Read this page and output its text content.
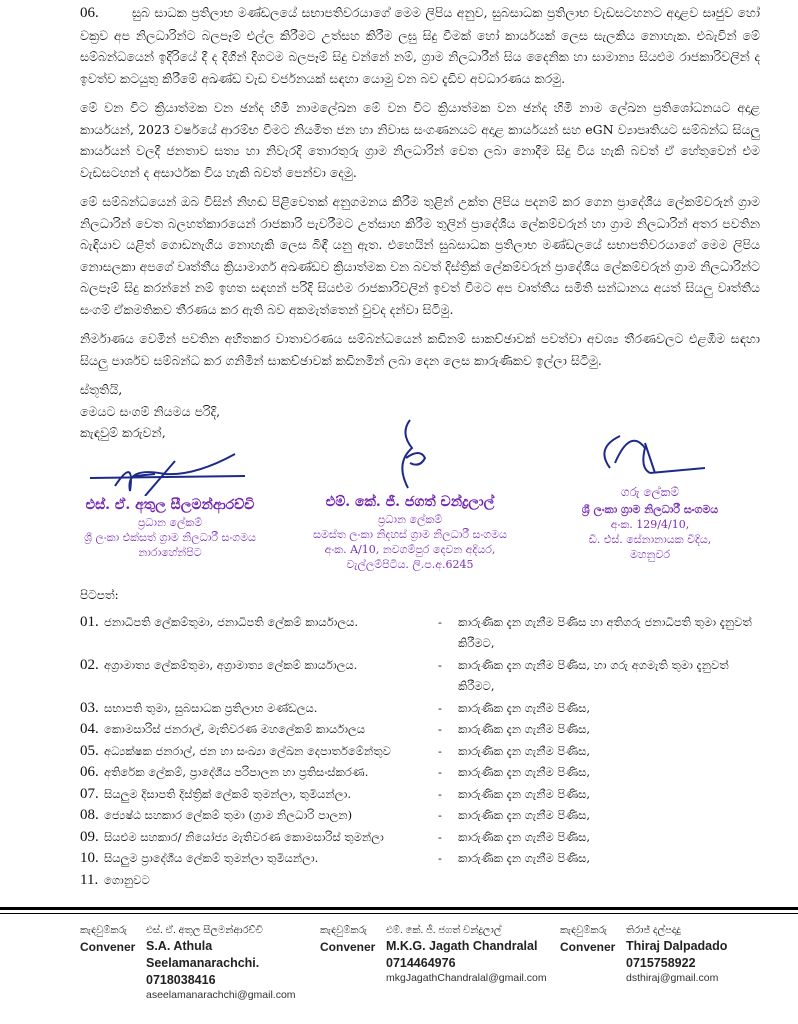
06.	සුබ සාධක ප්‍රතිලාභ මණ්ඩලයේ සභාපතිවරයාගේ මෙම ලිපිය අනුව, සුබසාධක ප්‍රතිලාභ වැඩසටහනට අදාළව සෘජුව හෝ වක්‍රව අප නිලධාරින්ට බලපෑම් එල්ල කිරීමට උත්සහ කිරීම ලඝු සිදු වීමක් හෝ කාර්යයක් ලෙස සැලකිය නොහැක. එබැවින් මේ සම්බන්ධයෙන් ඉදිරියේ දී ද දිගින් දිගටම බලපෑම් සිදු වන්නේ නම්, ග්‍රාම නිලධාරීන් සිය දෛනික හා සාමාන්‍ය සියළුම රාජකාරිවලින් ද ඉවත්ව කටයුතු කිරීමේ අඛණ්ඩ වැඩ වර්ජනයක් සඳහා යොමු වන බව දැඩිව අවධාරණය කරමු.
මේ වන විට ක්‍රියාත්මක වන ඡන්ද හිමි නාමලේඛන මේ වන විට ක්‍රියාත්මක වන ඡන්ද හිමි නාම ලේඛන ප්‍රතිශෝධනයට අදාළ කාර්යයන්, 2023 වර්ෂයේ ආරම්භ වීමට නියමිත ජන හා නිවාස සංගණනයට අදාළ කාර්යයන් සහ eGN ව්‍යාපෘතියට සම්බන්ධ සියලු කාර්යයන් වලදී ජනතාව සත්‍ය හා නිවැරදි තොරතුරු ග්‍රාම නිලධාරින් වෙත ලබා නොදීම සිදු විය හැකි බවත් ඒ හේතුවෙන් එම වැඩසටහන් ද අසාර්ථක විය හැකි බවත් පෙන්වා දෙමු.
මේ සම්බන්ධයෙන් ඔබ විසින් නිහඬ පිළිවෙතක් අනුගමනය කිරීම තුළින් උක්ත ලිපිය පදනම් කර ගෙන ප්‍රාදේශීය ලේකම්වරුන් ග්‍රාම නිලධාරින් වෙත බලහත්කාරයෙන් රාජකාරි පැවරීමට උත්සාහ කිරීම තුලින් ප්‍රාදේශීය ලේකම්වරුන් හා ග්‍රාම නිලධාරින් අතර පවතින බැඳියාව යළිත් ගොඩනැගිය නොහැකි ලෙස බිඳී යනු ඇත. එහෙයින් සුබසාධක ප්‍රතිලාභ මණ්ඩලයේ සභාපතිවරයාගේ මෙම ලිපිය නොසලකා අපගේ වෘත්තීය ක්‍රියාමාර්ග අඛණ්ඩව ක්‍රියාත්මක වන බවත් දිස්ත්‍රික් ලේකම්වරුන් ප්‍රාදේශීය ලේකම්වරුන් ග්‍රාම නිලධාරින්ට බලපෑම් සිදු කරන්නේ නම් ඉහත සඳහන් පරිදි සියළුම රාජකාරිවලින් ඉවත් වීමට අප වෘත්තීය සමිති සන්ධානය අයත් සියලු වෘත්තීය සංගම් ඒකමතිකව තීරණය කර ඇති බව අකමැත්තෙන් වුවද දන්වා සිටිමු.
නිර්මාණය වෙමින් පවතින අහිතකර වාතාවරණය සම්බන්ධයෙන් කඩිනම් සාකච්ඡාවක් පවත්වා අවශ්‍ය තීරණවලට එළඹීම සඳහා සියලු පාර්ශව සම්බන්ධ කර ගනිමින් සාකච්ඡාවක් කඩිනමින් ලබා දෙන ලෙස කාරුණිකව ඉල්ලා සිටිමු.
ස්තූතියි,
මෙයට සංගම් නියමය පරිදි,
කැඳවුම් කරුවන්,
එස්. ඒ. අතුල සීලමන්ආරච්චි
ප්‍රධාන ලේකම්
ශ්‍රී ලංකා එක්සත් ග්‍රාම නිලධාරී සංගමය
නාරාහේන්පිට
එම්. කේ. ජී. ජගත් චන්ද්‍රලාල්
ප්‍රධාන ලේකම්
සමස්ත ලංකා නිදහස් ග්‍රාම නිලධාරී සංගමය
අංක. A/10, නවගම්පුර දෙවන අදියර,
වැල්ලම්පිටිය. ලි.ප.අ.6245
ගරු ලේකම්
ශ්‍රී ලංකා ග්‍රාම නිලධාරී සංගමය
අංක. 129/4/10,
ඩී. එස්. සේනානායක වීදිය,
මහනුවර
පිටපත්:
01. ජනාධිපති ලේකම්තුමා, ජනාධිපති ලේකම් කාර්යාලය.	-	කාරුණික දැන ගැනීම පිණිස හා අතිගරු ජනාධිපති තුමා දැනුවත් කිරීමට,
02. අග්‍රාමාත්‍ය ලේකම්තුමා, අග්‍රාමාත්‍ය ලේකම් කාර්යාලය.	-	කාරුණික දැන ගැනීම පිණිස, හා ගරු අගමැති තුමා දැනුවත් කිරීමට,
03. සභාපති තුමා, සුබසාධක ප්‍රතිලාභ මණ්ඩලය.	-	කාරුණික දැන ගැනීම පිණිස,
04. කොමසාරිස් ජනරාල්, මැතිවරණ මහලේකම් කාර්යාලය	-	කාරුණික දැන ගැනීම පිණිස,
05. අධ්‍යක්ෂක ජනරාල්, ජන හා සංඛ්‍යා ලේඛන දෙපාර්තමේන්තුව	-	කාරුණික දැන ගැනීම පිණිස,
06. අතිරේක ලේකම්, ප්‍රාදේශීය පරිපාලන හා ප්‍රතිසංස්කරණ.	-	කාරුණික දැන ගැනීම පිණිස,
07. සියලුම දිසාපති දිස්ත්‍රික් ලේකම් තුමන්ලා, තුමියන්ලා.	-	කාරුණික දැන ගැනීම පිණිස,
08. ජ්‍යෙෂ්ඨ සහකාර ලේකම් තුමා (ග්‍රාම නිලධාරි පාලන)	-	කාරුණික දැන ගැනීම පිණිස,
09. සියළුම සහකාර/ නියෝජ්‍ය මැතිවරණ කොමසාරිස් තුමන්ලා	-	කාරුණික දැන ගැනීම පිණිස,
10. සියලුම ප්‍රාදේශීය ලේකම් තුමන්ලා තුමියන්ලා.	-	කාරුණික දැන ගැනීම පිණිස,
11. ගොනුවට
කැඳවුම්කරු
Convener
එස්. ඒ. අතුල සීලමන්ආරච්චි
S.A. Athula Seelamanarachchi.
0718038416
aseelamanarachchi@gmail.com
කැඳවුම්කරු
Convener
එම්. කේ. ජී. ජගත් චන්ද්‍රලාල්
M.K.G. Jagath Chandralal
0714464976
mkgJagathChandralal@gmail.com
කැඳවුම්කරු
Convener
තිරාජ් දල්පදාදු
Thiraj Dalpadado
0715758922
dsthiraj@gmail.com
